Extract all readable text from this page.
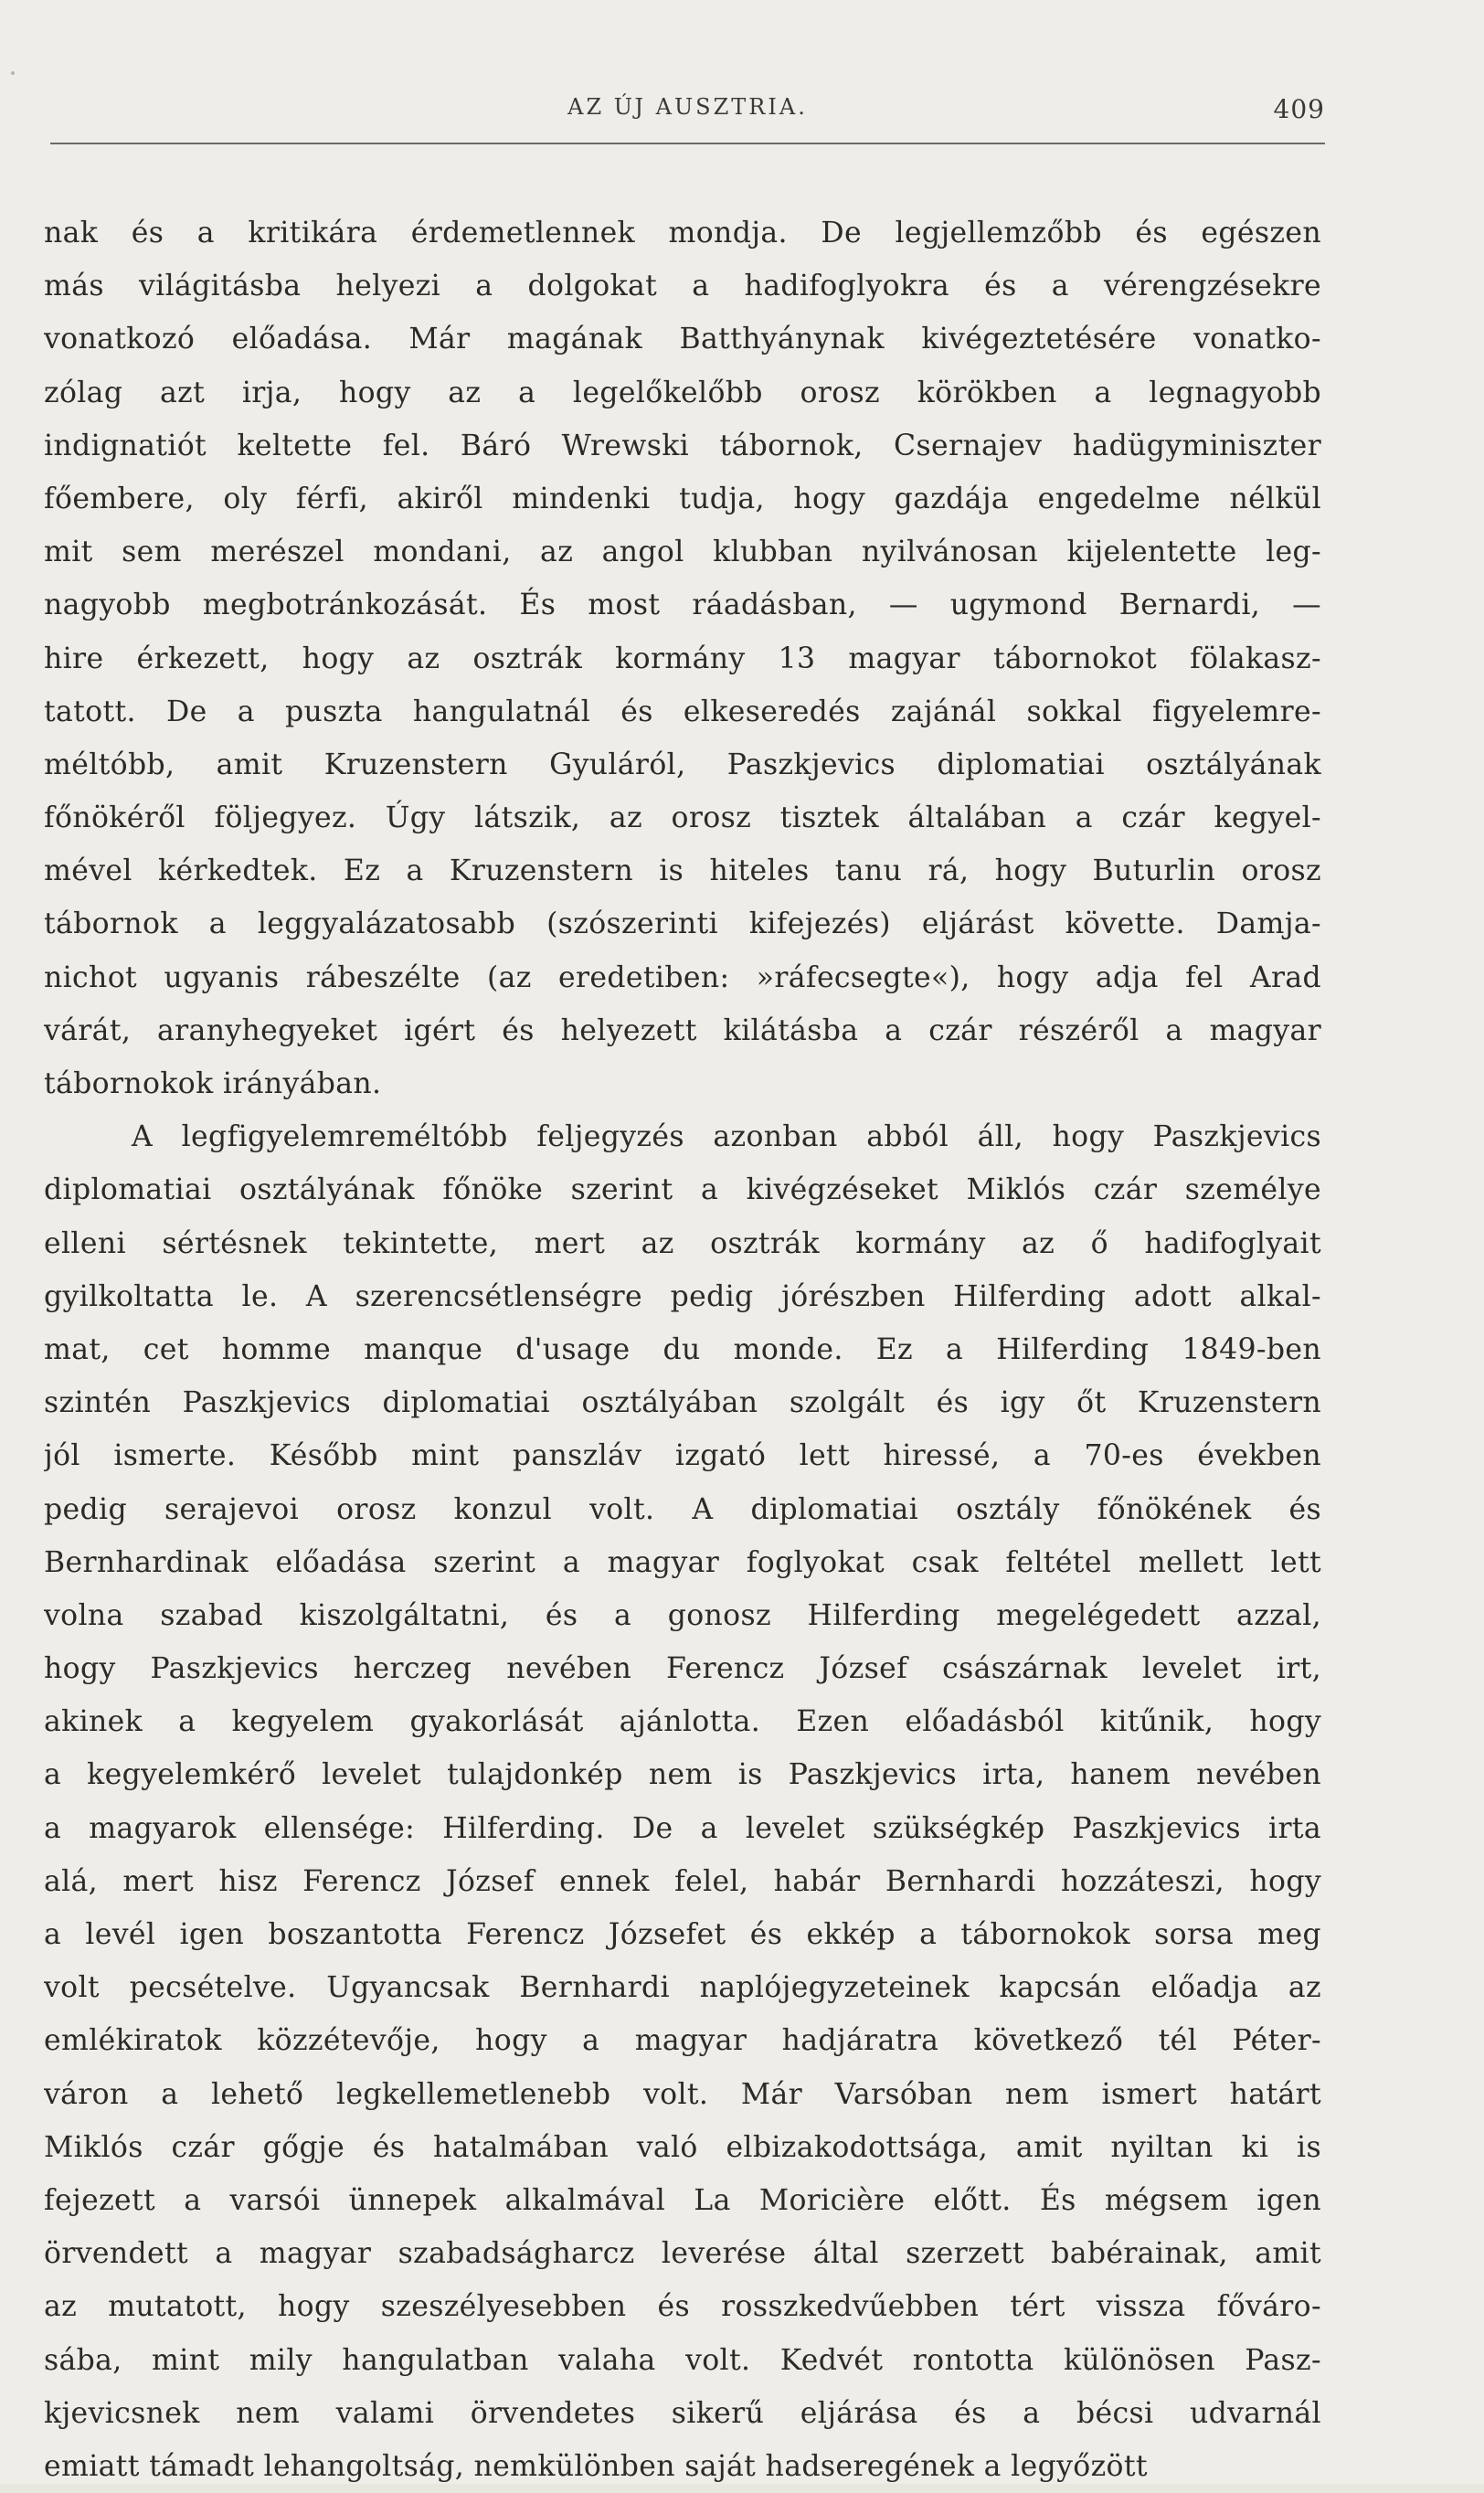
AZ ÚJ AUSZTRIA.	409
nak és a kritikára érdemetlennek mondja. De legjellemzőbb és egészen
más világitásba helyezi a dolgokat a hadifoglyokra és a vérengzésekre
vonatkozó előadása. Már magának Batthyánynak kivégeztetésére vonatko-
zólag azt irja, hogy az a legelőkelőbb orosz körökben a legnagyobb
indignatiót keltette fel. Báró Wrewski tábornok, Csernajev hadügyminiszter
főembere, oly férfi, akiről mindenki tudja, hogy gazdája engedelme nélkül
mit sem merészel mondani, az angol klubban nyilvánosan kijelentette leg-
nagyobb megbotránkozását. És most ráadásban, — ugymond Bernardi, —
hire érkezett, hogy az osztrák kormány 13 magyar tábornokot fölakasz-
tatott. De a puszta hangulatnál és elkeseredés zajánál sokkal figyelemre-
méltóbb, amit Kruzenstern Gyuláról, Paszkjevics diplomatiai osztályának
főnökéről följegyez. Úgy látszik, az orosz tisztek általában a czár kegyel-
mével kérkedtek. Ez a Kruzenstern is hiteles tanu rá, hogy Buturlin orosz
tábornok a leggyalázatosabb (szószerinti kifejezés) eljárást követte. Damja-
nichot ugyanis rábeszélte (az eredetiben: »ráfecsegte«), hogy adja fel Arad
várát, aranyhegyeket igért és helyezett kilátásba a czár részéről a magyar
tábornokok irányában.
A legfigyelemreméltóbb feljegyzés azonban abból áll, hogy Paszkjevics
diplomatiai osztályának főnöke szerint a kivégzéseket Miklós czár személye
elleni sértésnek tekintette, mert az osztrák kormány az ő hadifoglyait
gyilkoltatta le. A szerencsétlenségre pedig jórészben Hilferding adott alkal-
mat, cet homme manque d'usage du monde. Ez a Hilferding 1849-ben
szintén Paszkjevics diplomatiai osztályában szolgált és igy őt Kruzenstern
jól ismerte. Később mint panszláv izgató lett hiressé, a 70-es években
pedig serajevoi orosz konzul volt. A diplomatiai osztály főnökének és
Bernhardinak előadása szerint a magyar foglyokat csak feltétel mellett lett
volna szabad kiszolgáltatni, és a gonosz Hilferding megelégedett azzal,
hogy Paszkjevics herczeg nevében Ferencz József császárnak levelet irt,
akinek a kegyelem gyakorlását ajánlotta. Ezen előadásból kitűnik, hogy
a kegyelemkérő levelet tulajdonkép nem is Paszkjevics irta, hanem nevében
a magyarok ellensége: Hilferding. De a levelet szükségkép Paszkjevics irta
alá, mert hisz Ferencz József ennek felel, habár Bernhardi hozzáteszi, hogy
a levél igen boszantotta Ferencz Józsefet és ekkép a tábornokok sorsa meg
volt pecsételve. Ugyancsak Bernhardi naplójegyzeteinek kapcsán előadja az
emlékiratok közzétevője, hogy a magyar hadjáratra következő tél Péter-
váron a lehető legkellemetlenebb volt. Már Varsóban nem ismert határt
Miklós czár gőgje és hatalmában való elbizakodottsága, amit nyiltan ki is
fejezett a varsói ünnepek alkalmával La Moricière előtt. És mégsem igen
örvendett a magyar szabadságharcz leverése által szerzett babérainak, amit
az mutatott, hogy szeszélyesebben és rosszkedvűebben tért vissza főváro-
sába, mint mily hangulatban valaha volt. Kedvét rontotta különösen Pasz-
kjevicsnek nem valami örvendetes sikerű eljárása és a bécsi udvarnál
emiatt támadt lehangoltság, nemkülönben saját hadseregének a legyőzött
